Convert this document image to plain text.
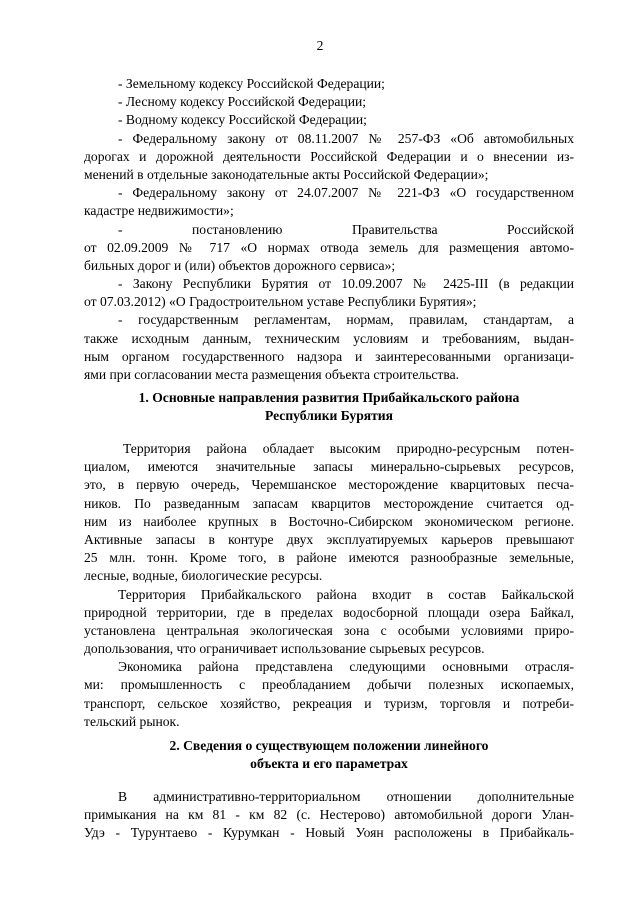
2
- Земельному кодексу Российской Федерации;
- Лесному кодексу Российской Федерации;
- Водному кодексу Российской Федерации;
- Федеральному закону от 08.11.2007 № 257-ФЗ «Об автомобильных
дорогах и дорожной деятельности Российской Федерации и о внесении из-
менений в отдельные законодательные акты Российской Федерации»;
- Федеральному закону от 24.07.2007 № 221-ФЗ «О государственном
кадастре недвижимости»;
- постановлению Правительства Российской
от 02.09.2009 № 717 «О нормах отвода земель для размещения автомо-
бильных дорог и (или) объектов дорожного сервиса»;
- Закону Республики Бурятия от 10.09.2007 № 2425-III (в редакции
от 07.03.2012) «О Градостроительном уставе Республики Бурятия»;
- государственным регламентам, нормам, правилам, стандартам, а
также исходным данным, техническим условиям и требованиям, выдан-
ным органом государственного надзора и заинтересованными организаци-
ями при согласовании места размещения объекта строительства.
1. Основные направления развития Прибайкальского района
Республики Бурятия
Территория района обладает высоким природно-ресурсным потен-
циалом, имеются значительные запасы минерально-сырьевых ресурсов,
это, в первую очередь, Черемшанское месторождение кварцитовых песча-
ников. По разведанным запасам кварцитов месторождение считается од-
ним из наиболее крупных в Восточно-Сибирском экономическом регионе.
Активные запасы в контуре двух эксплуатируемых карьеров превышают
25 млн. тонн. Кроме того, в районе имеются разнообразные земельные,
лесные, водные, биологические ресурсы.
Территория Прибайкальского района входит в состав Байкальской
природной территории, где в пределах водосборной площади озера Байкал,
установлена центральная экологическая зона с особыми условиями приро-
допользования, что ограничивает использование сырьевых ресурсов.
Экономика района представлена следующими основными отрасля-
ми: промышленность с преобладанием добычи полезных ископаемых,
транспорт, сельское хозяйство, рекреация и туризм, торговля и потреби-
тельский рынок.
2. Сведения о существующем положении линейного
объекта и его параметрах
В административно-территориальном отношении дополнительные
примыкания на км 81 - км 82 (с. Нестерово) автомобильной дороги Улан-
Удэ - Турунтаево - Курумкан - Новый Уоян расположены в Прибайкаль-
